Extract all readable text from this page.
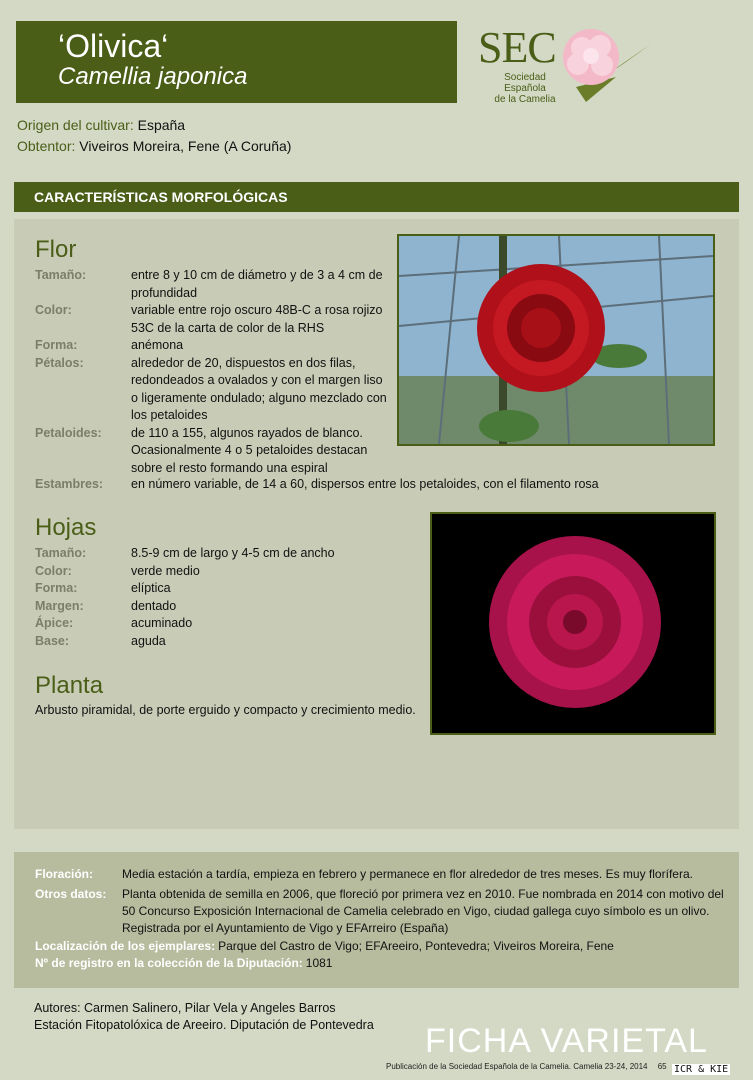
‘Olivica‘
Camellia japonica
SEC
Sociedad Española
de la Camelia
Origen del cultivar: España
Obtentor: Viveiros Moreira, Fene (A Coruña)
CARACTERÍSTICAS MORFOLÓGICAS
Flor
Tamaño:	entre 8 y 10 cm de diámetro y de 3 a 4 cm de profundidad
Color:	variable entre rojo oscuro 48B-C a rosa rojizo 53C de la carta de color de la RHS
Forma:	anémona
Pétalos:	alrededor de 20, dispuestos en dos filas, redondeados a ovalados y con el margen liso o ligeramente ondulado; alguno mezclado con los petaloides
Petaloides:	de 110 a 155, algunos rayados de blanco. Ocasionalmente 4 o 5 petaloides destacan sobre el resto formando una espiral
Estambres:	en número variable, de 14 a 60, dispersos entre los petaloides, con el filamento rosa
Hojas
Tamaño:	8.5-9 cm de largo y 4-5 cm de ancho
Color:	verde medio
Forma:	elíptica
Margen:	dentado
Ápice:	acuminado
Base:	aguda
Planta
Arbusto piramidal, de porte erguido y compacto y crecimiento medio.
Floración:	Media estación a tardía, empieza en febrero y permanece en flor alrededor de tres meses. Es muy florífera.
Otros datos:	Planta obtenida de semilla en 2006, que floreció por primera vez en 2010. Fue nombrada en 2014 con motivo del 50 Concurso Exposición Internacional de Camelia celebrado en Vigo, ciudad gallega cuyo símbolo es un olivo. Registrada por el Ayuntamiento de Vigo y EFArreiro (España)
Localización de los ejemplares: Parque del Castro de Vigo; EFAreeiro, Pontevedra; Viveiros Moreira, Fene
Nº de registro en la colección de la Diputación: 1081
Autores: Carmen Salinero, Pilar Vela y Angeles Barros
Estación Fitopatolóxica de Areeiro. Diputación de Pontevedra FICHA VARIETAL
Publicación de la Sociedad Española de la Camelia. Camelia 23-24, 2014 65 ICR & KIE
